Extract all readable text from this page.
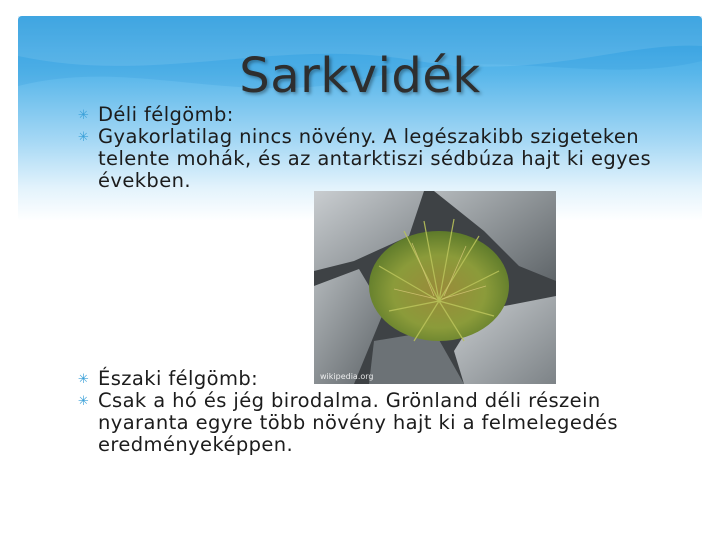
Sarkvidék
✳ Déli félgömb:
✳ Gyakorlatilag nincs növény. A legészakibb szigeteken telente mohák, és az antarktiszi sédbúza hajt ki egyes években.
wikipedia.org
✳ Északi félgömb:
✳ Csak a hó és jég birodalma. Grönland déli részein nyaranta egyre több növény hajt ki a felmelegedés eredményeképpen.
